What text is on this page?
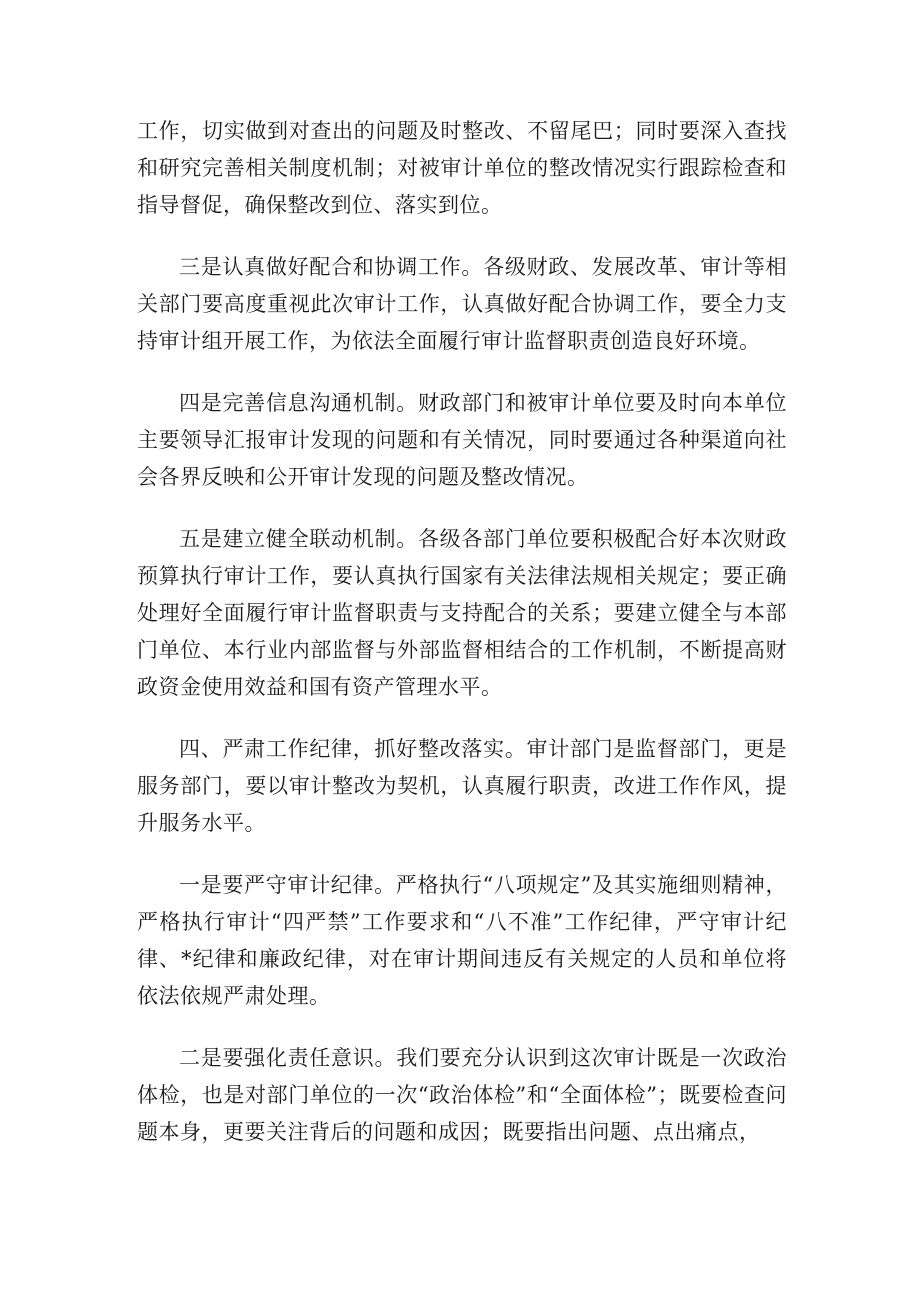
工作，切实做到对查出的问题及时整改、不留尾巴；同时要深入查找和研究完善相关制度机制；对被审计单位的整改情况实行跟踪检查和指导督促，确保整改到位、落实到位。

三是认真做好配合和协调工作。各级财政、发展改革、审计等相关部门要高度重视此次审计工作，认真做好配合协调工作，要全力支持审计组开展工作，为依法全面履行审计监督职责创造良好环境。

四是完善信息沟通机制。财政部门和被审计单位要及时向本单位主要领导汇报审计发现的问题和有关情况，同时要通过各种渠道向社会各界反映和公开审计发现的问题及整改情况。

五是建立健全联动机制。各级各部门单位要积极配合好本次财政预算执行审计工作，要认真执行国家有关法律法规相关规定；要正确处理好全面履行审计监督职责与支持配合的关系；要建立健全与本部门单位、本行业内部监督与外部监督相结合的工作机制，不断提高财政资金使用效益和国有资产管理水平。

四、严肃工作纪律，抓好整改落实。审计部门是监督部门，更是服务部门，要以审计整改为契机，认真履行职责，改进工作作风，提升服务水平。

一是要严守审计纪律。严格执行“八项规定”及其实施细则精神，严格执行审计“四严禁”工作要求和“八不准”工作纪律，严守审计纪律、*纪律和廉政纪律，对在审计期间违反有关规定的人员和单位将依法依规严肃处理。

二是要强化责任意识。我们要充分认识到这次审计既是一次政治体检，也是对部门单位的一次“政治体检”和“全面体检”；既要检查问题本身，更要关注背后的问题和成因；既要指出问题、点出痛点，
